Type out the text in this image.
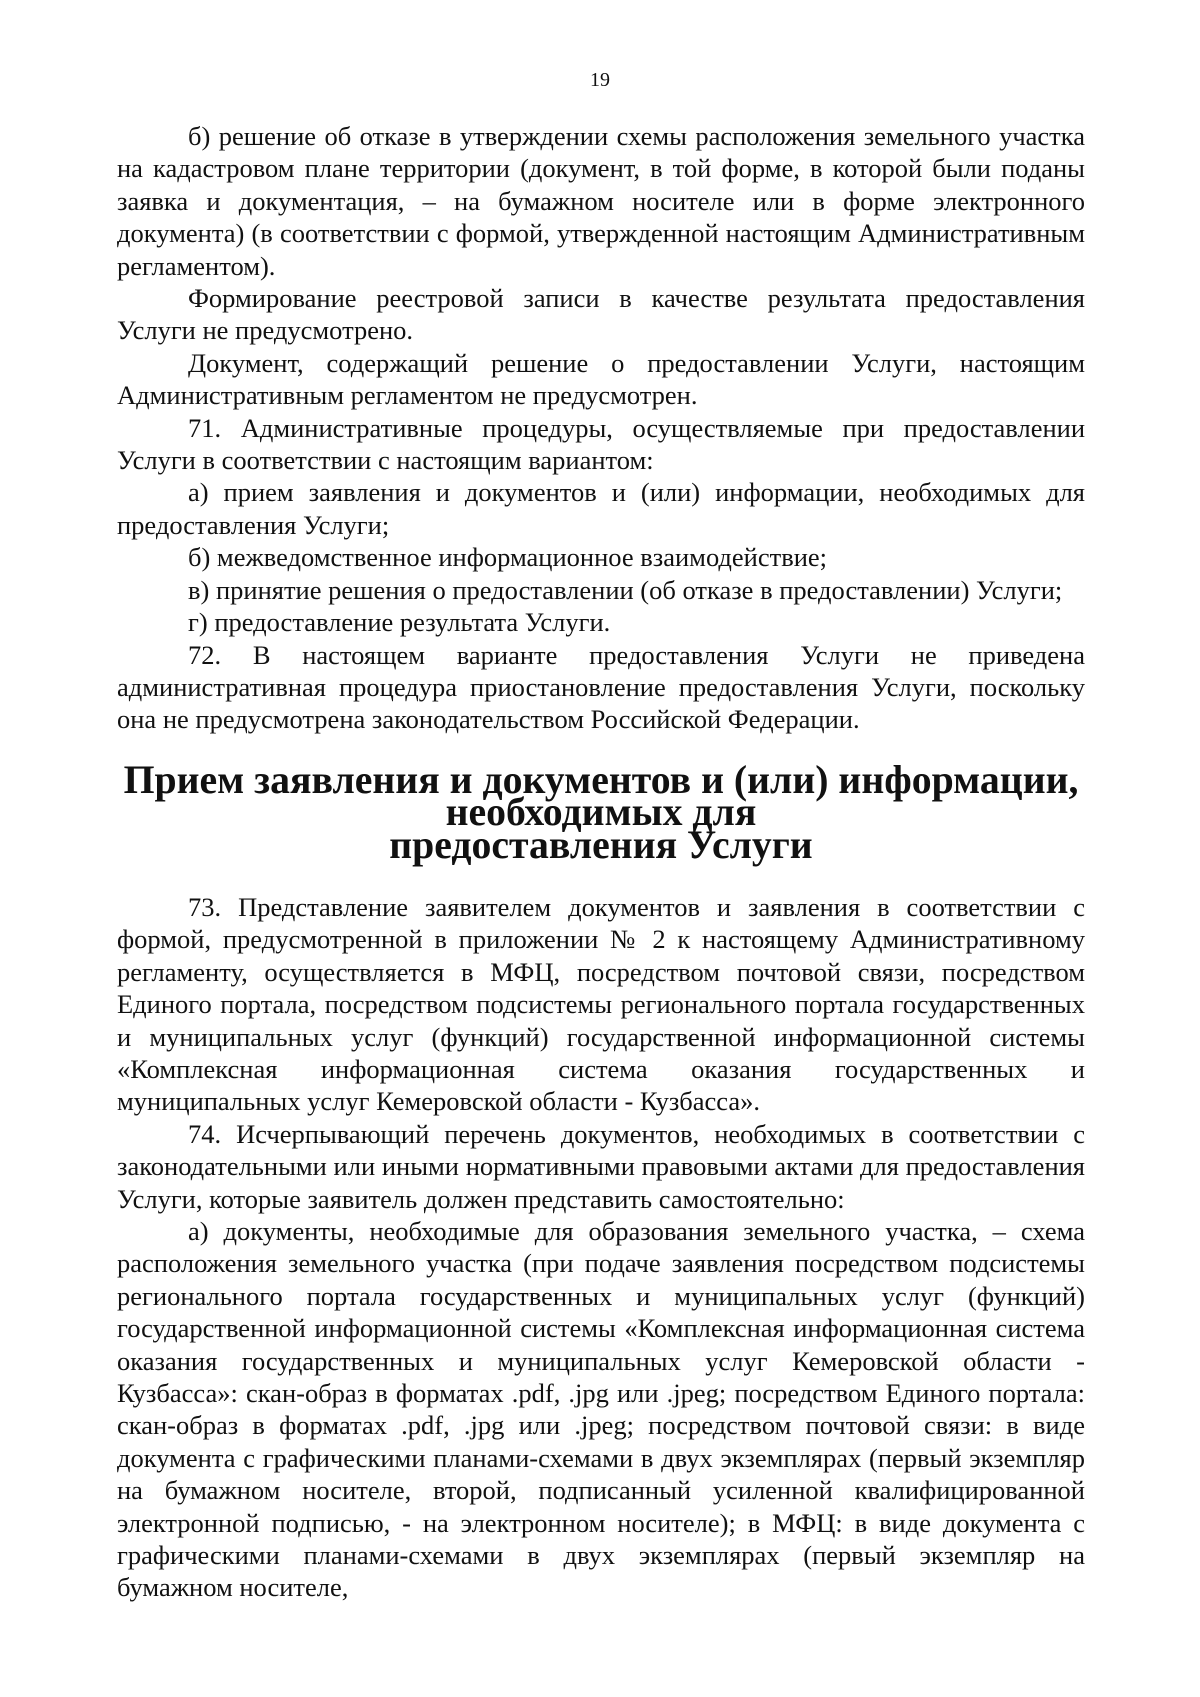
19

б) решение об отказе в утверждении схемы расположения земельного участка на кадастровом плане территории (документ, в той форме, в которой были поданы заявка и документация, – на бумажном носителе или в форме электронного документа) (в соответствии с формой, утвержденной настоящим Административным регламентом).

Формирование реестровой записи в качестве результата предоставления Услуги не предусмотрено.

Документ, содержащий решение о предоставлении Услуги, настоящим Административным регламентом не предусмотрен.

71. Административные процедуры, осуществляемые при предоставлении Услуги в соответствии с настоящим вариантом:

а) прием заявления и документов и (или) информации, необходимых для предоставления Услуги;

б) межведомственное информационное взаимодействие;

в) принятие решения о предоставлении (об отказе в предоставлении) Услуги;

г) предоставление результата Услуги.

72. В настоящем варианте предоставления Услуги не приведена административная процедура приостановление предоставления Услуги, поскольку она не предусмотрена законодательством Российской Федерации.

Прием заявления и документов и (или) информации, необходимых для
предоставления Услуги

73. Представление заявителем документов и заявления в соответствии с формой, предусмотренной в приложении № 2 к настоящему Административному регламенту, осуществляется в МФЦ, посредством почтовой связи, посредством Единого портала, посредством подсистемы регионального портала государственных и муниципальных услуг (функций) государственной информационной системы «Комплексная информационная система оказания государственных и муниципальных услуг Кемеровской области - Кузбасса».

74. Исчерпывающий перечень документов, необходимых в соответствии с законодательными или иными нормативными правовыми актами для предоставления Услуги, которые заявитель должен представить самостоятельно:

а) документы, необходимые для образования земельного участка, – схема расположения земельного участка (при подаче заявления посредством подсистемы регионального портала государственных и муниципальных услуг (функций) государственной информационной системы «Комплексная информационная система оказания государственных и муниципальных услуг Кемеровской области - Кузбасса»: скан-образ в форматах .pdf, .jpg или .jpeg; посредством Единого портала: скан-образ в форматах .pdf, .jpg или .jpeg; посредством почтовой связи: в виде документа с графическими планами-схемами в двух экземплярах (первый экземпляр на бумажном носителе, второй, подписанный усиленной квалифицированной электронной подписью, - на электронном носителе); в МФЦ: в виде документа с графическими планами-схемами в двух экземплярах (первый экземпляр на бумажном носителе,
